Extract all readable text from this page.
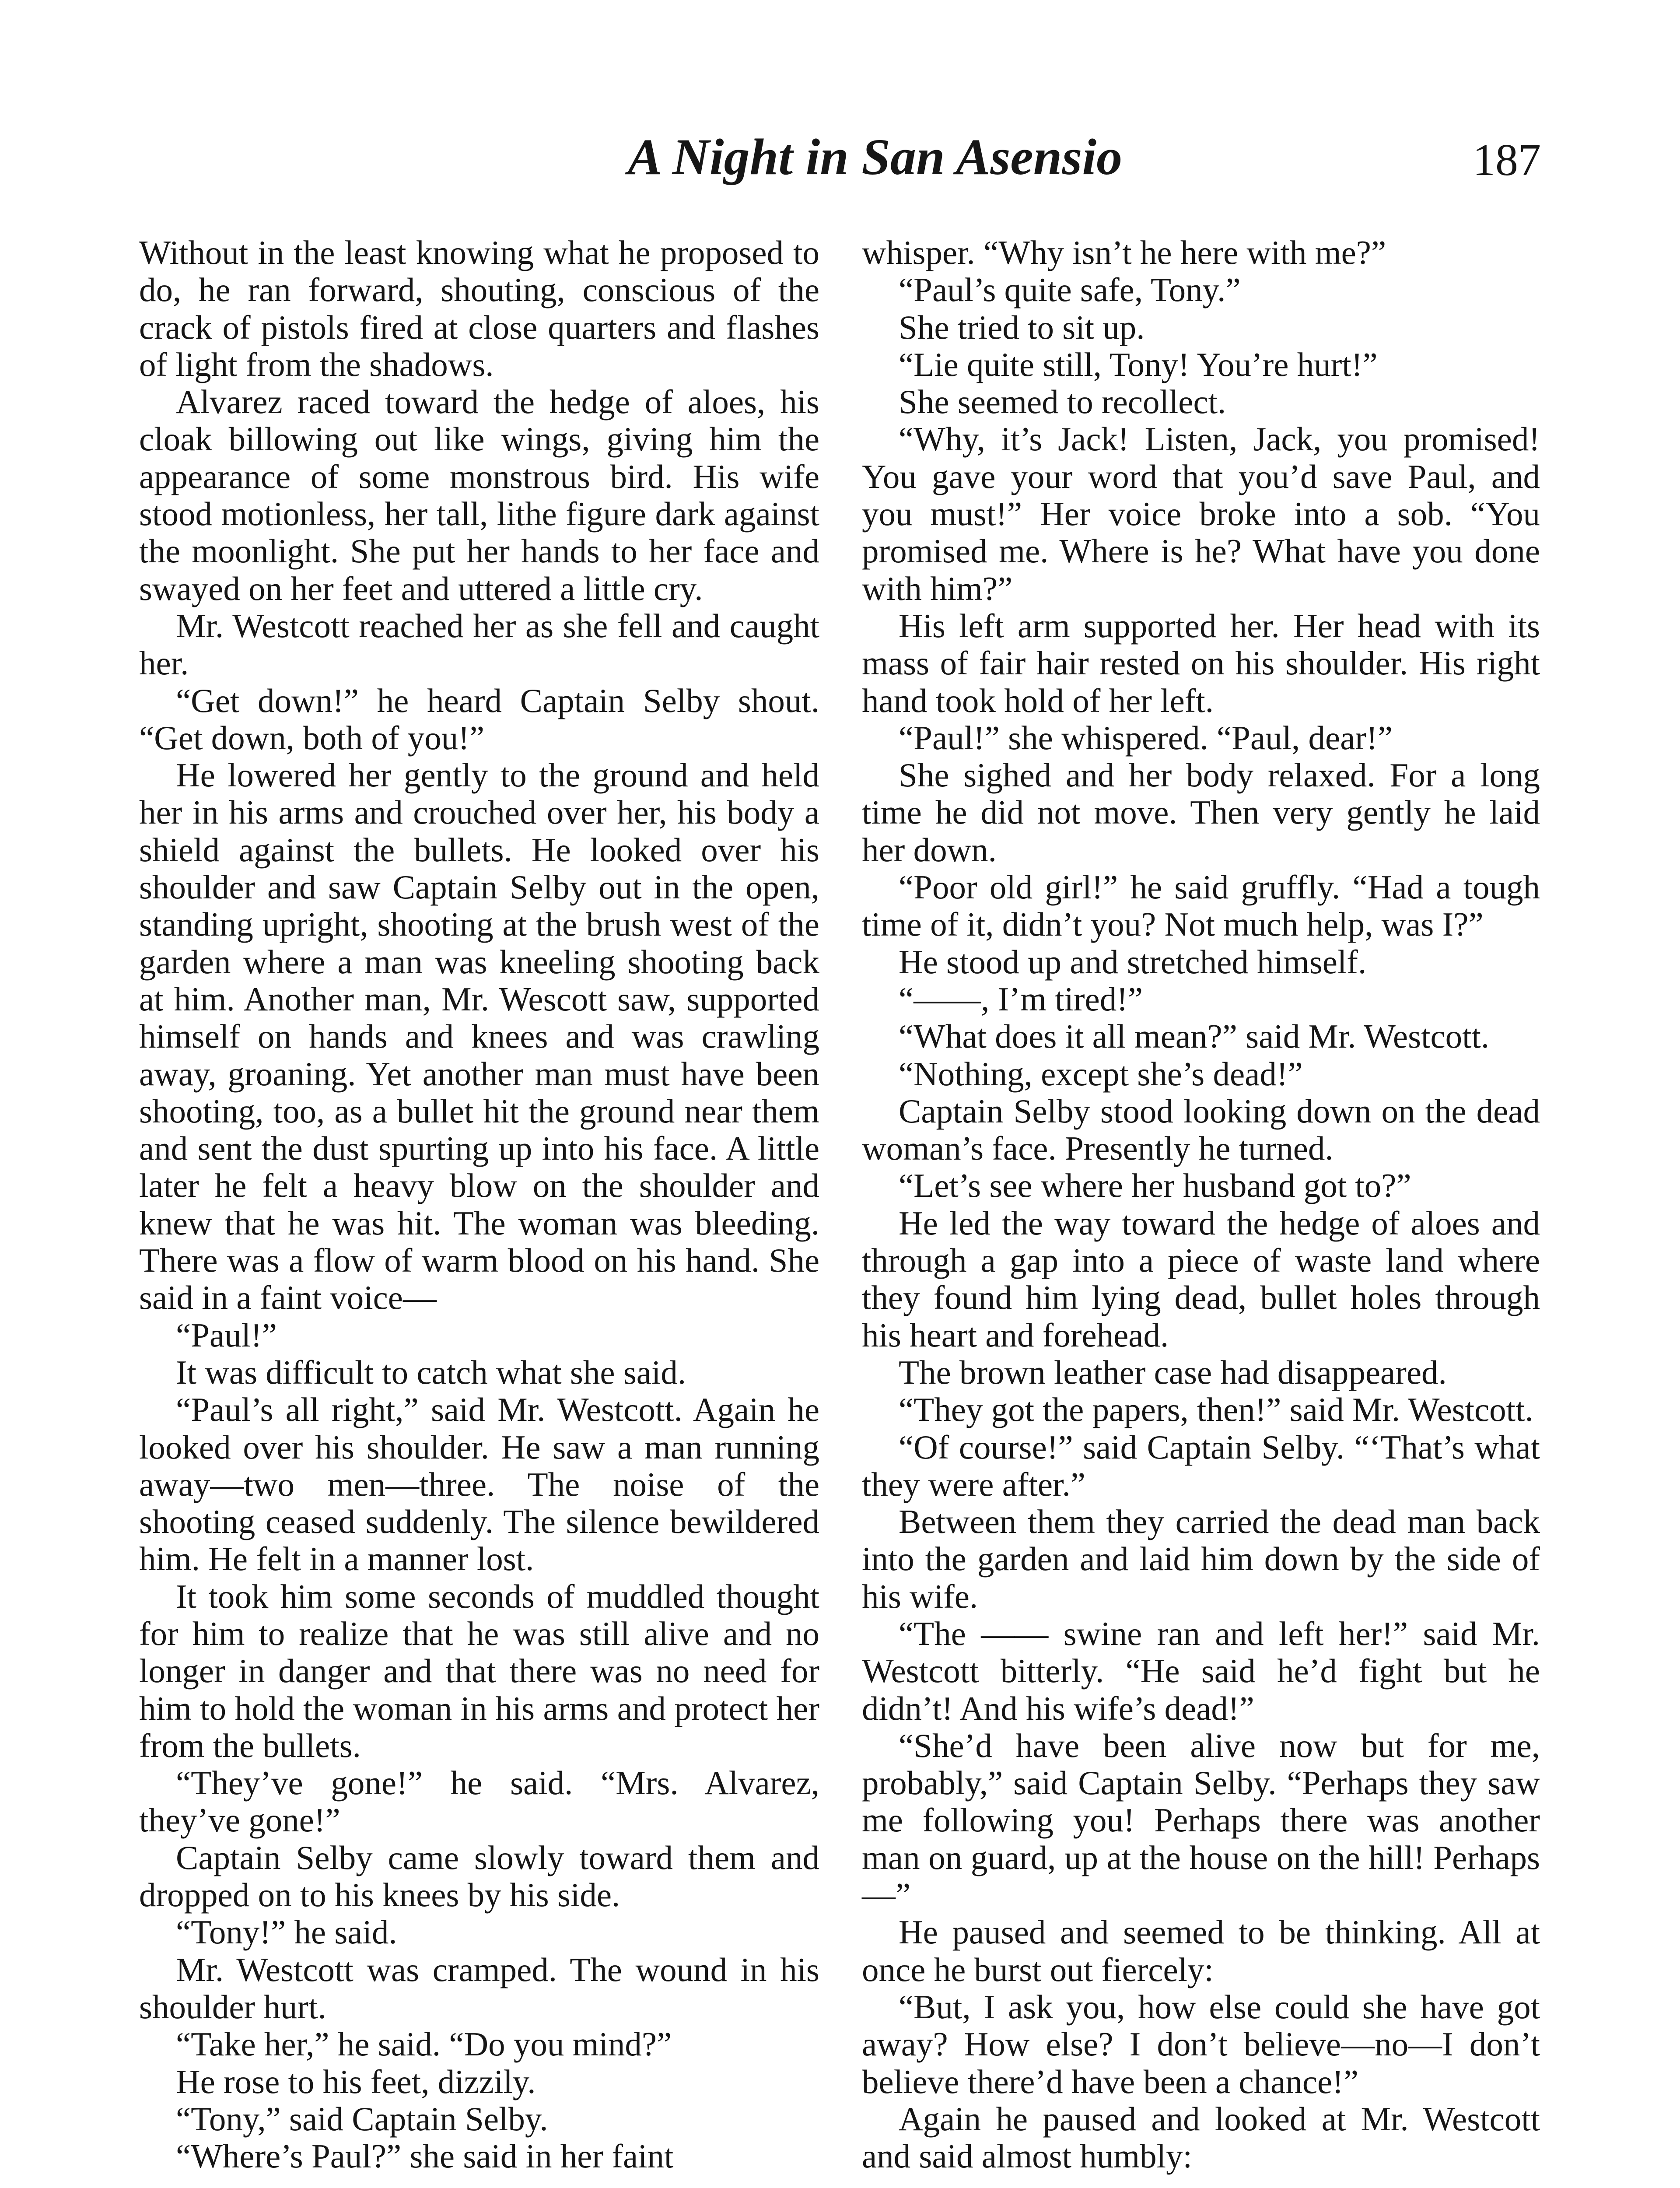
A Night in San Asensio	187

Without in the least knowing what he proposed to do, he ran forward, shouting, conscious of the crack of pistols fired at close quarters and flashes of light from the shadows.

Alvarez raced toward the hedge of aloes, his cloak billowing out like wings, giving him the appearance of some monstrous bird. His wife stood motionless, her tall, lithe figure dark against the moonlight. She put her hands to her face and swayed on her feet and uttered a little cry.

Mr. Westcott reached her as she fell and caught her.

“Get down!” he heard Captain Selby shout. “Get down, both of you!”

He lowered her gently to the ground and held her in his arms and crouched over her, his body a shield against the bullets. He looked over his shoulder and saw Captain Selby out in the open, standing upright, shooting at the brush west of the garden where a man was kneeling shooting back at him. Another man, Mr. Wescott saw, supported himself on hands and knees and was crawling away, groaning. Yet another man must have been shooting, too, as a bullet hit the ground near them and sent the dust spurting up into his face. A little later he felt a heavy blow on the shoulder and knew that he was hit. The woman was bleeding. There was a flow of warm blood on his hand. She said in a faint voice—

“Paul!”

It was difficult to catch what she said.

“Paul’s all right,” said Mr. Westcott. Again he looked over his shoulder. He saw a man running away—two men—three. The noise of the shooting ceased suddenly. The silence bewildered him. He felt in a manner lost.

It took him some seconds of muddled thought for him to realize that he was still alive and no longer in danger and that there was no need for him to hold the woman in his arms and protect her from the bullets.

“They’ve gone!” he said. “Mrs. Alvarez, they’ve gone!”

Captain Selby came slowly toward them and dropped on to his knees by his side.

“Tony!” he said.

Mr. Westcott was cramped. The wound in his shoulder hurt.

“Take her,” he said. “Do you mind?”

He rose to his feet, dizzily.

“Tony,” said Captain Selby.

“Where’s Paul?” she said in her faint

whisper. “Why isn’t he here with me?”

“Paul’s quite safe, Tony.”

She tried to sit up.

“Lie quite still, Tony! You’re hurt!”

She seemed to recollect.

“Why, it’s Jack! Listen, Jack, you promised! You gave your word that you’d save Paul, and you must!” Her voice broke into a sob. “You promised me. Where is he? What have you done with him?”

His left arm supported her. Her head with its mass of fair hair rested on his shoulder. His right hand took hold of her left.

“Paul!” she whispered. “Paul, dear!”

She sighed and her body relaxed. For a long time he did not move. Then very gently he laid her down.

“Poor old girl!” he said gruffly. “Had a tough time of it, didn’t you? Not much help, was I?”

He stood up and stretched himself.

“——, I’m tired!”

“What does it all mean?” said Mr. Westcott.

“Nothing, except she’s dead!”

Captain Selby stood looking down on the dead woman’s face. Presently he turned.

“Let’s see where her husband got to?”

He led the way toward the hedge of aloes and through a gap into a piece of waste land where they found him lying dead, bullet holes through his heart and forehead.

The brown leather case had disappeared.

“They got the papers, then!” said Mr. Westcott.

“Of course!” said Captain Selby. “‘That’s what they were after.”

Between them they carried the dead man back into the garden and laid him down by the side of his wife.

“The —— swine ran and left her!” said Mr. Westcott bitterly. “He said he’d fight but he didn’t! And his wife’s dead!”

“She’d have been alive now but for me, probably,” said Captain Selby. “Perhaps they saw me following you! Perhaps there was another man on guard, up at the house on the hill! Perhaps—”

He paused and seemed to be thinking. All at once he burst out fiercely:

“But, I ask you, how else could she have got away? How else? I don’t believe—no—I don’t believe there’d have been a chance!”

Again he paused and looked at Mr. Westcott and said almost humbly:
